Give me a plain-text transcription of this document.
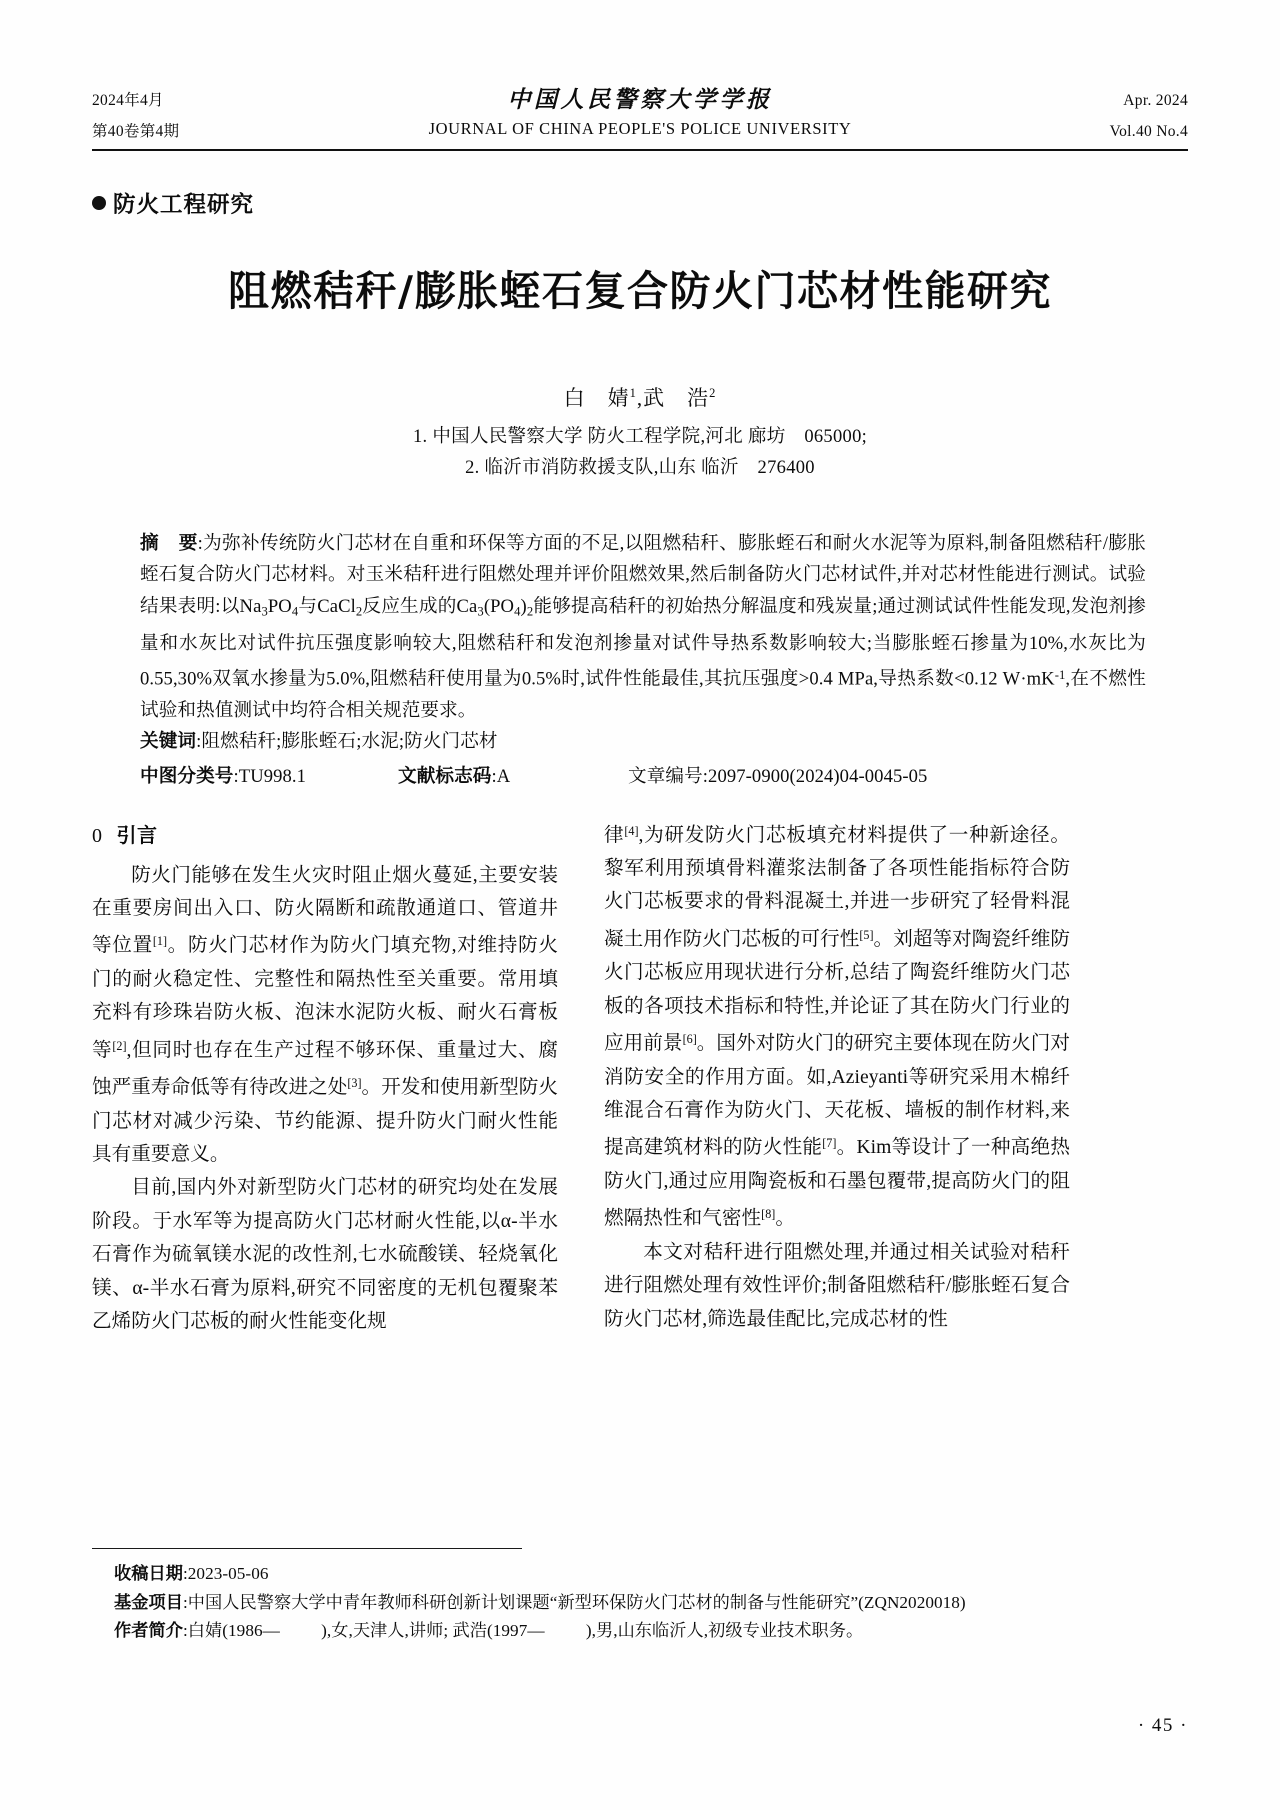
2024年4月
第40卷第4期
中国人民警察大学学报
JOURNAL OF CHINA PEOPLE'S POLICE UNIVERSITY
Apr. 2024
Vol.40 No.4
防火工程研究
阻燃秸秆/膨胀蛭石复合防火门芯材性能研究
白　婧$^1$,武　浩$^2$
1. 中国人民警察大学 防火工程学院,河北 廊坊　065000;
2. 临沂市消防救援支队,山东 临沂　276400

摘 要:为弥补传统防火门芯材在自重和环保等方面的不足,以阻燃秸秆、膨胀蛭石和耐火水泥等为原料,制备阻燃秸秆/膨胀蛭石复合防火门芯材料。对玉米秸秆进行阻燃处理并评价阻燃效果,然后制备防火门芯材试件,并对芯材性能进行测试。试验结果表明:以$Na_3PO_4$与CaCl$_2$反应生成的$Ca_3(PO_4)_2$能够提高秸秆的初始热分解温度和残炭量;通过测试试件性能发现,发泡剂掺量和水灰比对试件抗压强度影响较大,阻燃秸秆和发泡剂掺量对试件导热系数影响较大;当膨胀蛭石掺量为10%,水灰比为0.55,30%双氧水掺量为5.0%,阻燃秸秆使用量为0.5%时,试件性能最佳,其抗压强度>0.4 MPa,导热系数<0.12 $W\cdot mK^{-1}$,在不燃性试验和热值测试中均符合相关规范要求。

关键词:阻燃秸秆;膨胀蛭石;水泥;防火门芯材

中图分类号:TU998.1	文献标志码:A	文章编号:2097-0900(2024)04-0045-05
0 引言

防火门能够在发生火灾时阻止烟火蔓延,主要安装在重要房间出入口、防火隔断和疏散通道口、管道井等位置[1]。防火门芯材作为防火门填充物,对维持防火门的耐火稳定性、完整性和隔热性至关重要。常用填充料有珍珠岩防火板、泡沫水泥防火板、耐火石膏板等[2],但同时也存在生产过程不够环保、重量过大、腐蚀严重寿命低等有待改进之处[3]。开发和使用新型防火门芯材对减少污染、节约能源、提升防火门耐火性能具有重要意义。

目前,国内外对新型防火门芯材的研究均处在发展阶段。于水军等为提高防火门芯材耐火性能,以α-半水石膏作为硫氧镁水泥的改性剂,七水硫酸镁、轻烧氧化镁、α-半水石膏为原料,研究不同密度的无机包覆聚苯乙烯防火门芯板的耐火性能变化规

律[4],为研发防火门芯板填充材料提供了一种新途径。黎军利用预填骨料灌浆法制备了各项性能指标符合防火门芯板要求的骨料混凝土,并进一步研究了轻骨料混凝土用作防火门芯板的可行性[5]。刘超等对陶瓷纤维防火门芯板应用现状进行分析,总结了陶瓷纤维防火门芯板的各项技术指标和特性,并论证了其在防火门行业的应用前景[6]。国外对防火门的研究主要体现在防火门对消防安全的作用方面。如,Azieyanti等研究采用木棉纤维混合石膏作为防火门、天花板、墙板的制作材料,来提高建筑材料的防火性能[7]。Kim等设计了一种高绝热防火门,通过应用陶瓷板和石墨包覆带,提高防火门的阻燃隔热性和气密性[8]。

本文对秸秆进行阻燃处理,并通过相关试验对秸秆进行阻燃处理有效性评价;制备阻燃秸秆/膨胀蛭石复合防火门芯材,筛选最佳配比,完成芯材的性

收稿日期:2023-05-06
基金项目:中国人民警察大学中青年教师科研创新计划课题“新型环保防火门芯材的制备与性能研究”(ZQN2020018)
作者简介:白婧(1986— ),女,天津人,讲师; 武浩(1997— ),男,山东临沂人,初级专业技术职务。
· 45 ·
